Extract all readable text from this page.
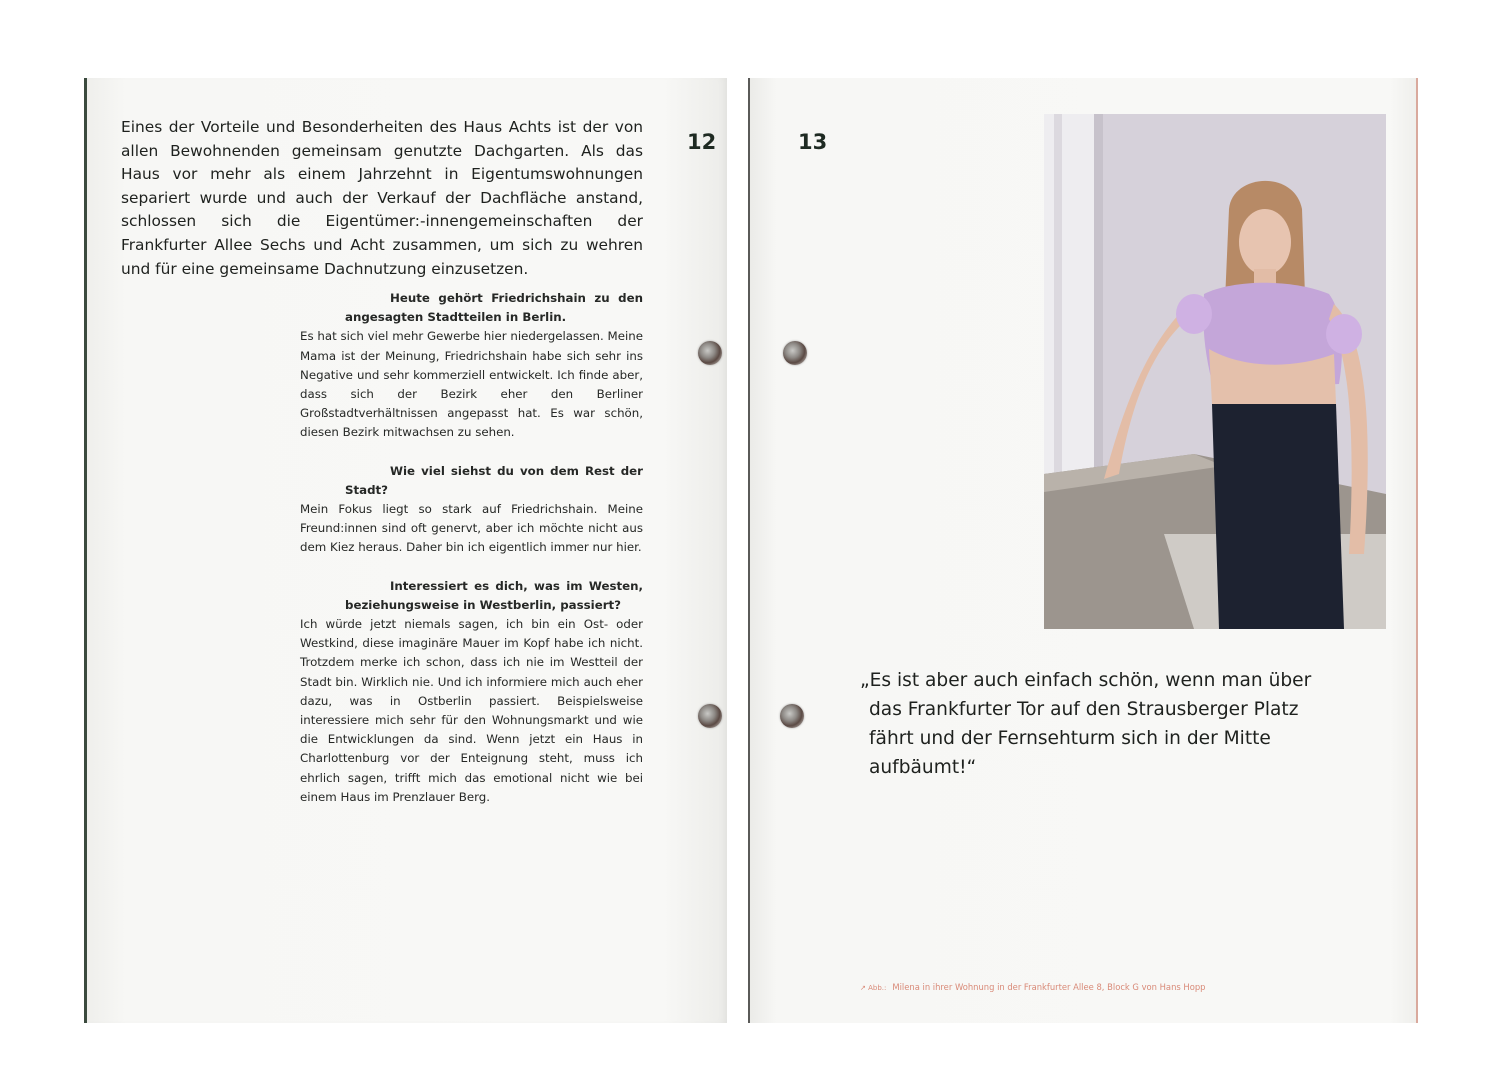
Eines der Vorteile und Besonderheiten des Haus Achts ist der von allen Bewohnenden gemeinsam genutzte Dachgarten. Als das Haus vor mehr als einem Jahrzehnt in Eigentumswohnungen separiert wurde und auch der Verkauf der Dachfläche anstand, schlossen sich die Eigentümer:-innengemeinschaften der Frankfurter Allee Sechs und Acht zusammen, um sich zu wehren und für eine gemeinsame Dachnutzung einzusetzen.

12

Heute gehört Friedrichshain zu den angesagten Stadtteilen in Berlin.
Es hat sich viel mehr Gewerbe hier niedergelassen. Meine Mama ist der Meinung, Friedrichshain habe sich sehr ins Negative und sehr kommerziell entwickelt. Ich finde aber, dass sich der Bezirk eher den Berliner Großstadtverhältnissen angepasst hat. Es war schön, diesen Bezirk mitwachsen zu sehen.

Wie viel siehst du von dem Rest der Stadt?
Mein Fokus liegt so stark auf Friedrichshain. Meine Freund:innen sind oft genervt, aber ich möchte nicht aus dem Kiez heraus. Daher bin ich eigentlich immer nur hier.

Interessiert es dich, was im Westen, beziehungsweise in Westberlin, passiert?
Ich würde jetzt niemals sagen, ich bin ein Ost- oder Westkind, diese imaginäre Mauer im Kopf habe ich nicht. Trotzdem merke ich schon, dass ich nie im Westteil der Stadt bin. Wirklich nie. Und ich informiere mich auch eher dazu, was in Ostberlin passiert. Beispielsweise interessiere mich sehr für den Wohnungsmarkt und wie die Entwicklungen da sind. Wenn jetzt ein Haus in Charlottenburg vor der Enteignung steht, muss ich ehrlich sagen, trifft mich das emotional nicht wie bei einem Haus im Prenzlauer Berg.

13

„Es ist aber auch einfach schön, wenn man über das Frankfurter Tor auf den Strausberger Platz fährt und der Fernsehturm sich in der Mitte aufbäumt!“

↗ Abb.: Milena in ihrer Wohnung in der Frankfurter Allee 8, Block G von Hans Hopp
